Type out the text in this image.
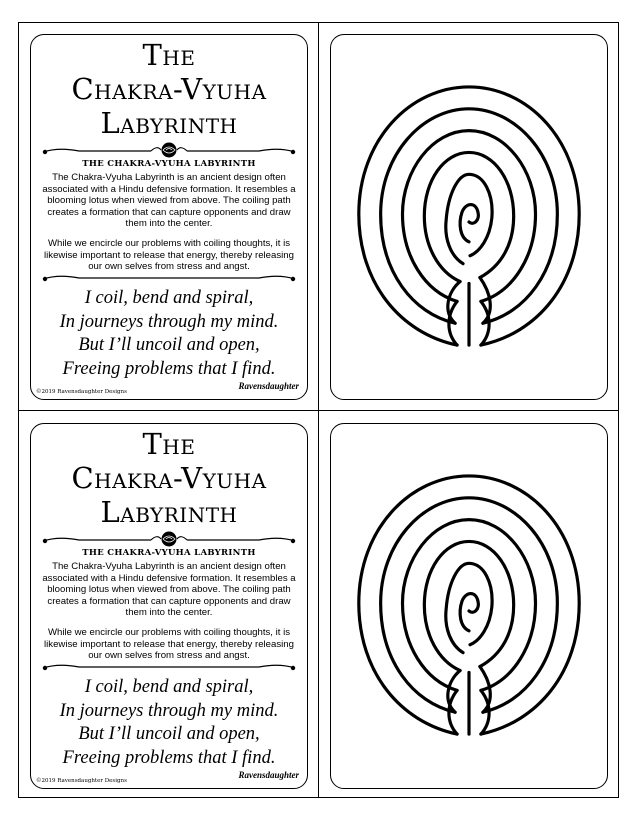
The
Chakra-Vyuha
Labyrinth
THE CHAKRA-VYUHA LABYRINTH
The Chakra-Vyuha Labyrinth is an ancient design often associated with a Hindu defensive formation. It resembles a blooming lotus when viewed from above. The coiling path creates a formation that can capture opponents and draw them into the center.
While we encircle our problems with coiling thoughts, it is likewise important to release that energy, thereby releasing our own selves from stress and angst.
I coil, bend and spiral,
In journeys through my mind.
But I’ll uncoil and open,
Freeing problems that I find.
©2019 Ravensdaughter Designs
Ravensdaughter
The
Chakra-Vyuha
Labyrinth
THE CHAKRA-VYUHA LABYRINTH
The Chakra-Vyuha Labyrinth is an ancient design often associated with a Hindu defensive formation. It resembles a blooming lotus when viewed from above. The coiling path creates a formation that can capture opponents and draw them into the center.
While we encircle our problems with coiling thoughts, it is likewise important to release that energy, thereby releasing our own selves from stress and angst.
I coil, bend and spiral,
In journeys through my mind.
But I’ll uncoil and open,
Freeing problems that I find.
©2019 Ravensdaughter Designs
Ravensdaughter
